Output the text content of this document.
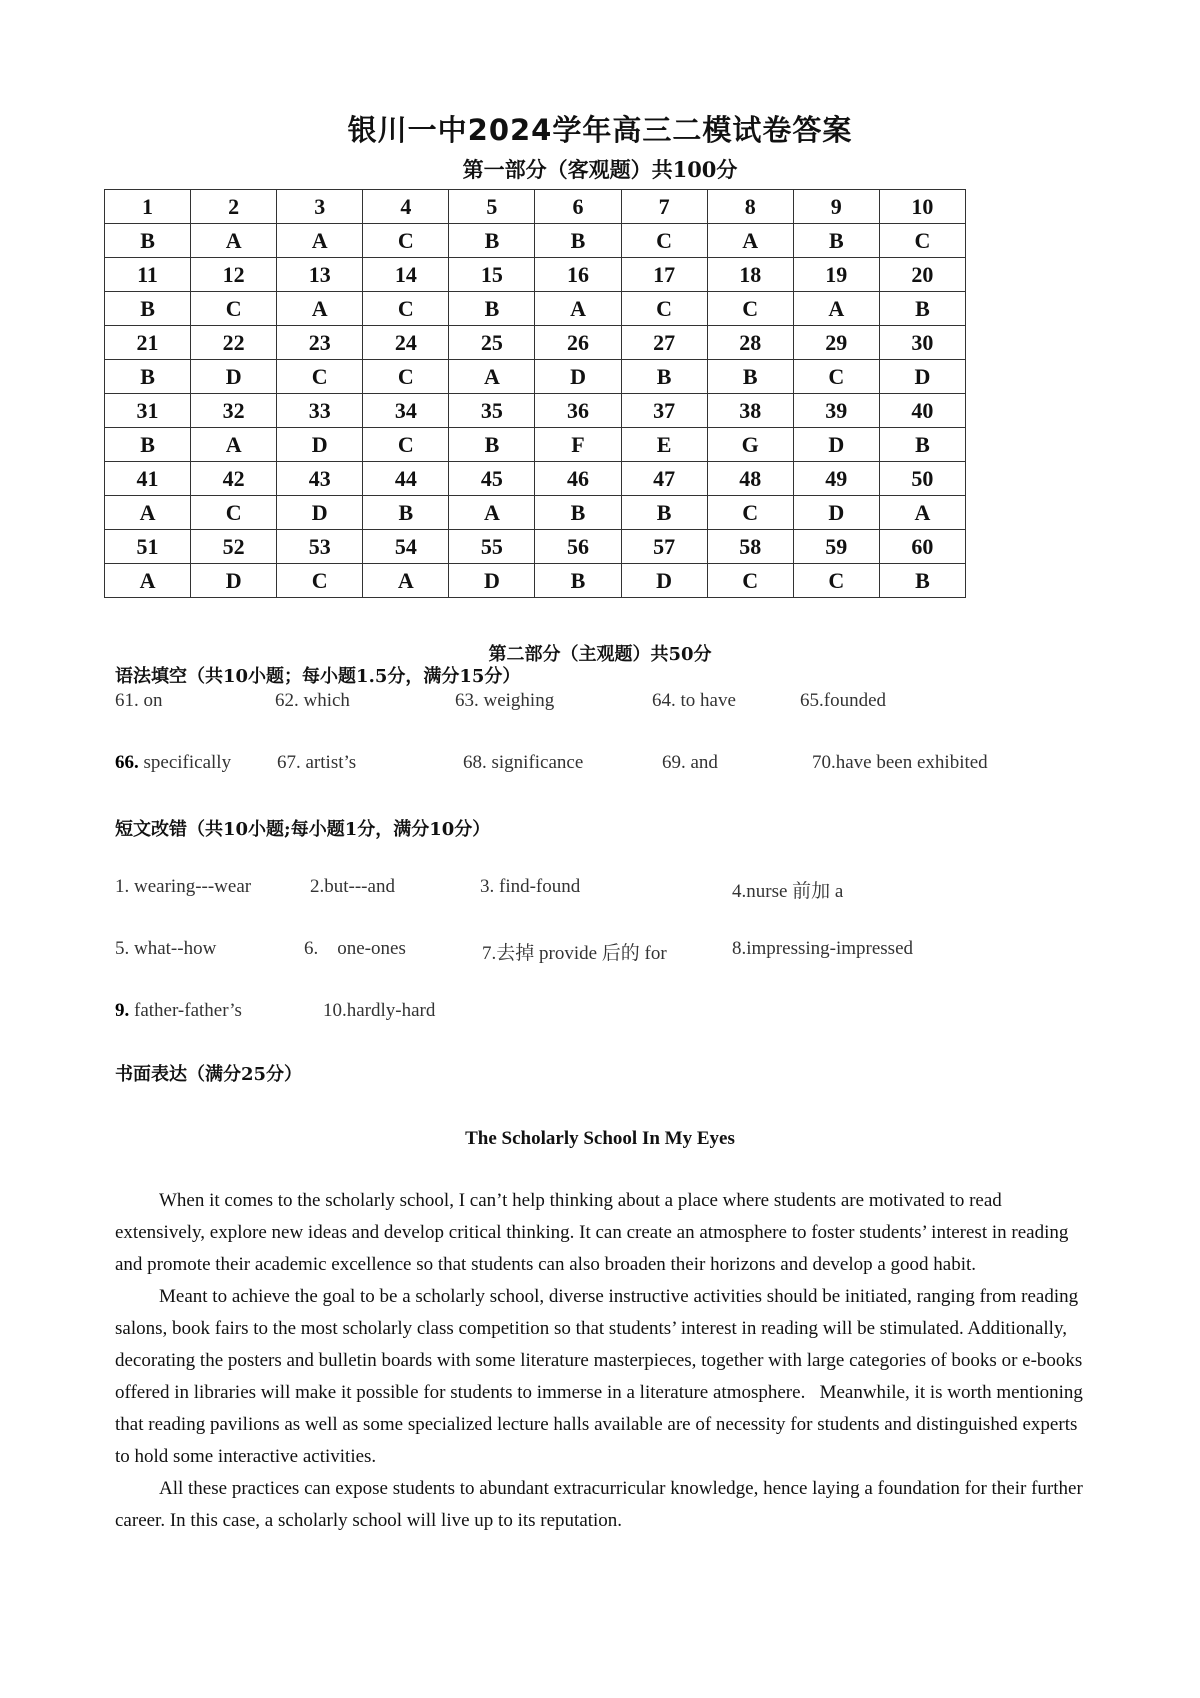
银川一中2024学年高三二模试卷答案
第一部分（客观题）共100分
1	2	3	4	5	6	7	8	9	10
B	A	A	C	B	B	C	A	B	C
11	12	13	14	15	16	17	18	19	20
B	C	A	C	B	A	C	C	A	B
21	22	23	24	25	26	27	28	29	30
B	D	C	C	A	D	B	B	C	D
31	32	33	34	35	36	37	38	39	40
B	A	D	C	B	F	E	G	D	B
41	42	43	44	45	46	47	48	49	50
A	C	D	B	A	B	B	C	D	A
51	52	53	54	55	56	57	58	59	60
A	D	C	A	D	B	D	C	C	B
第二部分（主观题）共50分
语法填空（共10小题；每小题1.5分，满分15分）
61. on	62. which	63. weighing	64. to have	65.founded
66. specifically 67. artist’s	68. significance	69. and	70.have been exhibited
短文改错（共10小题;每小题1分，满分10分）
1. wearing---wear	2.but---and	3. find-found	4.nurse 前加 a
5. what--how	6.    one-ones	7.去掉 provide 后的 for	8.impressing-impressed
9. father-father’s	10.hardly-hard
书面表达（满分25分）
The Scholarly School In My Eyes

When it comes to the scholarly school, I can’t help thinking about a place where students are motivated to read extensively, explore new ideas and develop critical thinking. It can create an atmosphere to foster students’ interest in reading and promote their academic excellence so that students can also broaden their horizons and develop a good habit.

Meant to achieve the goal to be a scholarly school, diverse instructive activities should be initiated, ranging from reading salons, book fairs to the most scholarly class competition so that students’ interest in reading will be stimulated. Additionally, decorating the posters and bulletin boards with some literature masterpieces, together with large categories of books or e-books offered in libraries will make it possible for students to immerse in a literature atmosphere.   Meanwhile, it is worth mentioning that reading pavilions as well as some specialized lecture halls available are of necessity for students and distinguished experts to hold some interactive activities.

All these practices can expose students to abundant extracurricular knowledge, hence laying a foundation for their further career. In this case, a scholarly school will live up to its reputation.
